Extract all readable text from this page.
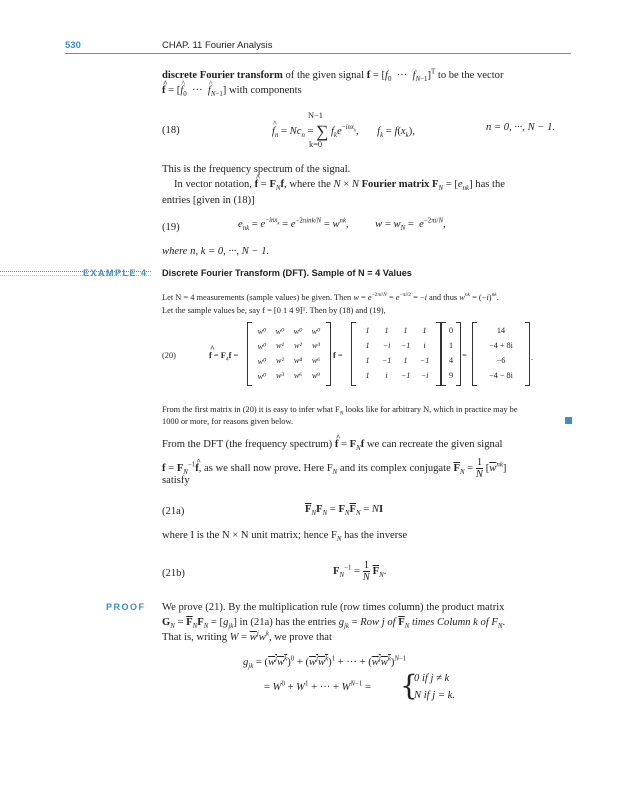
530	CHAP. 11 Fourier Analysis
discrete Fourier transform of the given signal $f = [f_0$  ···  $f_{N-1}]^T$ to be the vector
^ f = [^ $f_0$  ···  ^ $f_{N-1}$] with components
(18)
N−1
^ $f_n = Nc_n$ = ∑ $f_ke^{-inx_k}$,       $f_k = f(x_k)$,
k=0
n = 0, ···, N − 1.
This is the frequency spectrum of the signal.
In vector notation, ^ $f = F_Nf$, where the N × N Fourier matrix $F_N = [e_{nk}]$ has the
entries [given in (18)]
(19)	$e_{nk} = e^{-inx_k} = e^{-2\pi ink/N} = w^{nk}$,          $w = w_N = e^{-2\pi i/N}$,
where n, k = 0, ···, N − 1.
EXAMPLE 4 Discrete Fourier Transform (DFT). Sample of N = 4 Values
Let N = 4 measurements (sample values) be given. Then $w = e^{-2\pi i/N} = e^{-\pi i/2} = -i$ and thus $w^{nk} = (-i)^{nk}$.
Let the sample values be, say f = [0 1 4 9]ᵀ. Then by (18) and (19),
(20)	^ $f = F_4f$ =
w⁰	w⁰	w⁰	w⁰
w⁰	w¹	w²	w³
w⁰	w²	w⁴	w⁶
w⁰	w³	w⁶	w⁹
f =
1	1	1	1
1	−i	−1	i
1	−1	1	−1
1	i	−1	−i
0
1
4
9
=
14
−4 + 8i
−6
−4 − 8i
.
From the first matrix in (20) it is easy to infer what $F_N$ looks like for arbitrary N, which in practice may be
1000 or more, for reasons given below.
From the DFT (the frequency spectrum) ^ $f = F_Nf$ we can recreate the given signal
$f = F_N^{-1}\^{}$ f, as we shall now prove. Here $F_N$ and its complex conjugate $\overline{F}_N = \frac{1}{N} [\overline{w}^{nk}]$
satisfy
(21a)	$\overline{F}_NF_N = F_N\overline{F}_N$ = NI
where I is the N × N unit matrix; hence $F_N$ has the inverse
(21b)	$F_N^{-1} = \frac{1}{N} \overline{F}_N$.
PROOF We prove (21). By the multiplication rule (row times column) the product matrix
$G_N = \overline{F}_NF_N = [g_{jk}]$ in (21a) has the entries $g_{jk}$ = Row j of $\overline{F}_N$ times Column k of $F_N$.
That is, writing $W = \overline{w}^jw^k$, we prove that
$g_{jk} = (w^jw^k)^0 + (w^jw^k)^1$ + ··· + $(w^jw^k)^{N-1}$
= $W^0 + W^1$ + ··· + $W^{N-1}$ = {
0 if j ≠ k
N if j = k.
